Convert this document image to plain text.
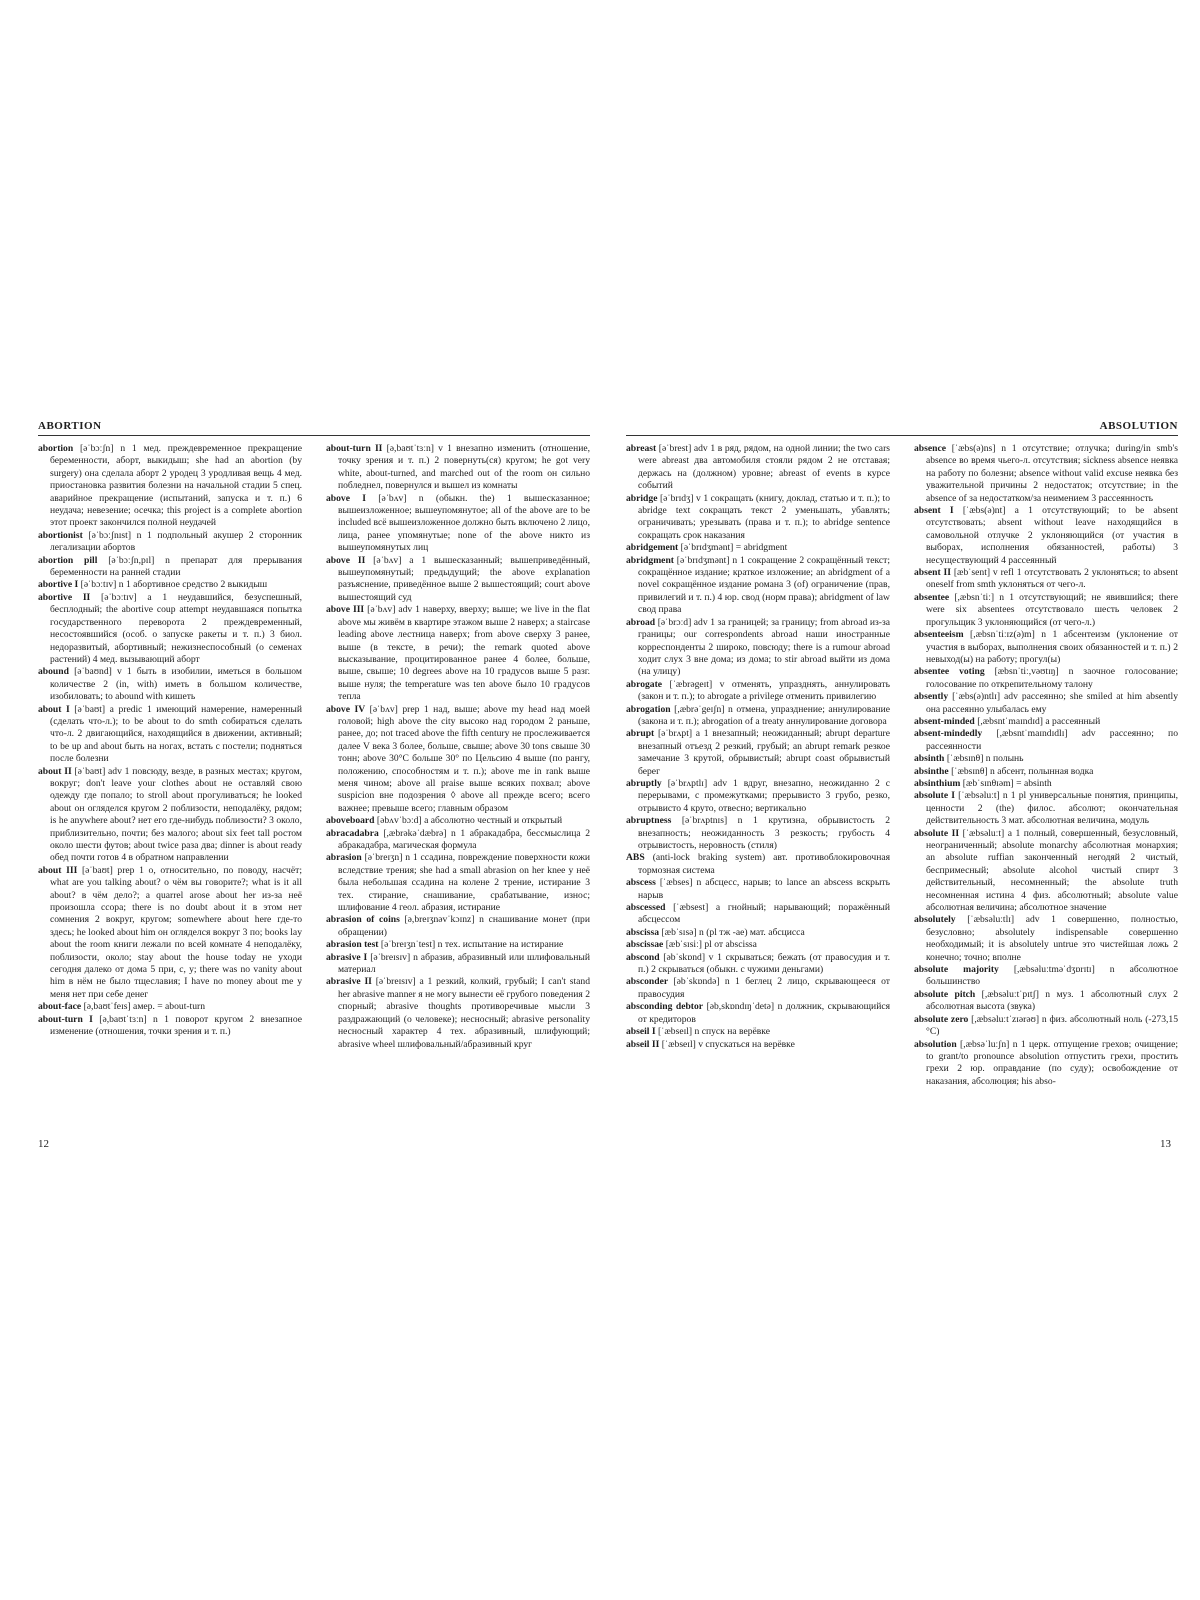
ABORTION

abortion [əˈbɔːʃn] n 1 мед. преждевременное прекращение беременности, аборт, выкидыш; she had an abortion (by surgery) она сделала аборт 2 уродец 3 уродливая вещь 4 мед. приостановка развития болезни на начальной стадии 5 спец. аварийное прекращение (испытаний, запуска и т. п.) 6 неудача; невезение; осечка; this project is a complete abortion этот проект закончился полной неудачей

abortionist [əˈbɔːʃnɪst] n 1 подпольный акушер 2 сторонник легализации абортов

abortion pill [əˈbɔːʃn,pɪl] n препарат для прерывания беременности на ранней стадии

abortive I [əˈbɔːtɪv] n 1 абортивное средство 2 выкидыш

abortive II [əˈbɔːtɪv] a 1 неудавшийся, безуспешный, бесплодный; the abortive coup attempt неудавшаяся попытка государственного переворота 2 преждевременный, несостоявшийся (особ. о запуске ракеты и т. п.) 3 биол. недоразвитый, абортивный; нежизнеспособный (о семенах растений) 4 мед. вызывающий аборт

abound [əˈbaʊnd] v 1 быть в изобилии, иметься в большом количестве 2 (in, with) иметь в большом количестве, изобиловать; to abound with кишеть

about I [əˈbaʊt] a predic 1 имеющий намерение, намеренный (сделать что-л.); to be about to do smth собираться сделать что-л. 2 двигающийся, находящийся в движении, активный; to be up and about быть на ногах, встать с постели; подняться после болезни

about II [əˈbaʊt] adv 1 повсюду, везде, в разных местах; кругом, вокруг; don't leave your clothes about не оставляй свою одежду где попало; to stroll about прогуливаться; he looked about он огляделся кругом 2 поблизости, неподалёку, рядом; is he anywhere about? нет его где-нибудь поблизости? 3 около, приблизительно, почти; без малого; about six feet tall ростом около шести футов; about twice раза два; dinner is about ready обед почти готов 4 в обратном направлении

about III [əˈbaʊt] prep 1 о, относительно, по поводу, насчёт; what are you talking about? о чём вы говорите?; what is it all about? в чём дело?; a quarrel arose about her из-за неё произошла ссора; there is no doubt about it в этом нет сомнения 2 вокруг, кругом; somewhere about here где-то здесь; he looked about him он огляделся вокруг 3 по; books lay about the room книги лежали по всей комнате 4 неподалёку, поблизости, около; stay about the house today не уходи сегодня далеко от дома 5 при, с, у; there was no vanity about him в нём не было тщеславия; I have no money about me у меня нет при себе денег

about-face [ə,baʊtˈfeɪs] амер. = about-turn

about-turn I [ə,baʊtˈtɜːn] n 1 поворот кругом 2 внезапное изменение (отношения, точки зрения и т. п.)

about-turn II [ə,baʊtˈtɜːn] v 1 внезапно изменить (отношение, точку зрения и т. п.) 2 повернуть(ся) кругом; he got very white, about-turned, and marched out of the room он сильно побледнел, повернулся и вышел из комнаты

above I [əˈbʌv] n (обыкн. the) 1 вышесказанное; вышеизложенное; вышеупомянутое; all of the above are to be included всё вышеизложенное должно быть включено 2 лицо, лица, ранее упомянутые; none of the above никто из вышеупомянутых лиц

above II [əˈbʌv] a 1 вышесказанный; вышеприведённый, вышеупомянутый; предыдущий; the above explanation разъяснение, приведённое выше 2 вышестоящий; court above вышестоящий суд

above III [əˈbʌv] adv 1 наверху, вверху; выше; we live in the flat above мы живём в квартире этажом выше 2 наверх; a staircase leading above лестница наверх; from above сверху 3 ранее, выше (в тексте, в речи); the remark quoted above высказывание, процитированное ранее 4 более, больше, выше, свыше; 10 degrees above на 10 градусов выше 5 разг. выше нуля; the temperature was ten above было 10 градусов тепла

above IV [əˈbʌv] prep 1 над, выше; above my head над моей головой; high above the city высоко над городом 2 раньше, ранее, до; not traced above the fifth century не прослеживается далее V века 3 более, больше, свыше; above 30 tons свыше 30 тонн; above 30°C больше 30° по Цельсию 4 выше (по рангу, положению, способностям и т. п.); above me in rank выше меня чином; above all praise выше всяких похвал; above suspicion вне подозрения ◊ above all прежде всего; всего важнее; превыше всего; главным образом

aboveboard [əbʌvˈbɔːd] a абсолютно честный и открытый

abracadabra [,æbrəkəˈdæbrə] n 1 абракадабра, бессмыслица 2 абракадабра, магическая формула

abrasion [əˈbreɪʒn] n 1 ссадина, повреждение поверхности кожи вследствие трения; she had a small abrasion on her knee у неё была небольшая ссадина на колене 2 трение, истирание 3 тех. стирание, снашивание, срабатывание, износ; шлифование 4 геол. абразия, истирание

abrasion of coins [ə,breɪʒnəvˈkɔɪnz] n снашивание монет (при обращении)

abrasion test [əˈbreɪʒnˈtest] n тех. испытание на истирание

abrasive I [əˈbreɪsɪv] n абразив, абразивный или шлифовальный материал

abrasive II [əˈbreɪsɪv] a 1 резкий, колкий, грубый; I can't stand her abrasive manner я не могу вынести её грубого поведения 2 спорный; abrasive thoughts противоречивые мысли 3 раздражающий (о человеке); несносный; abrasive personality несносный характер 4 тех. абразивный, шлифующий; abrasive wheel шлифовальный/абразивный круг

12
ABSOLUTION

abreast [əˈbrest] adv 1 в ряд, рядом, на одной линии; the two cars were abreast два автомобиля стояли рядом 2 не отставая; держась на (должном) уровне; abreast of events в курсе событий

abridge [əˈbrɪdʒ] v 1 сокращать (книгу, доклад, статью и т. п.); to abridge text сокращать текст 2 уменьшать, убавлять; ограничивать; урезывать (права и т. п.); to abridge sentence сокращать срок наказания

abridgement [əˈbrɪdʒmənt] = abridgment

abridgment [əˈbrɪdʒmənt] n 1 сокращение 2 сокращённый текст; сокращённое издание; краткое изложение; an abridgment of a novel сокращённое издание романа 3 (of) ограничение (прав, привилегий и т. п.) 4 юр. свод (норм права); abridgment of law свод права

abroad [əˈbrɔːd] adv 1 за границей; за границу; from abroad из-за границы; our correspondents abroad наши иностранные корреспонденты 2 широко, повсюду; there is a rumour abroad ходит слух 3 вне дома; из дома; to stir abroad выйти из дома (на улицу)

abrogate [ˈæbrəgeɪt] v отменять, упразднять, аннулировать (закон и т. п.); to abrogate a privilege отменить привилегию

abrogation [,æbrəˈgeɪʃn] n отмена, упразднение; аннулирование (закона и т. п.); abrogation of a treaty аннулирование договора

abrupt [əˈbrʌpt] a 1 внезапный; неожиданный; abrupt departure внезапный отъезд 2 резкий, грубый; an abrupt remark резкое замечание 3 крутой, обрывистый; abrupt coast обрывистый берег

abruptly [əˈbrʌptlɪ] adv 1 вдруг, внезапно, неожиданно 2 с перерывами, с промежутками; прерывисто 3 грубо, резко, отрывисто 4 круто, отвесно; вертикально

abruptness [əˈbrʌptnɪs] n 1 крутизна, обрывистость 2 внезапность; неожиданность 3 резкость; грубость 4 отрывистость, неровность (стиля)

ABS (anti-lock braking system) авт. противоблокировочная тормозная система

abscess [ˈæbses] n абсцесс, нарыв; to lance an abscess вскрыть нарыв

abscessed [ˈæbsest] a гнойный; нарывающий; поражённый абсцессом

abscissa [æbˈsɪsə] n (pl тж -ae) мат. абсцисса

abscissae [æbˈsɪsiː] pl от abscissa

abscond [əbˈskɒnd] v 1 скрываться; бежать (от правосудия и т. п.) 2 скрываться (обыкн. с чужими деньгами)

absconder [əbˈskɒndə] n 1 беглец 2 лицо, скрывающееся от правосудия

absconding debtor [əb,skɒndɪŋˈdetə] n должник, скрывающийся от кредиторов

abseil I [ˈæbseɪl] n спуск на верёвке

abseil II [ˈæbseɪl] v спускаться на верёвке

absence [ˈæbs(ə)ns] n 1 отсутствие; отлучка; during/in smb's absence во время чьего-л. отсутствия; sickness absence неявка на работу по болезни; absence without valid excuse неявка без уважительной причины 2 недостаток; отсутствие; in the absence of за недостатком/за неимением 3 рассеянность

absent I [ˈæbs(ə)nt] a 1 отсутствующий; to be absent отсутствовать; absent without leave находящийся в самовольной отлучке 2 уклоняющийся (от участия в выборах, исполнения обязанностей, работы) 3 несуществующий 4 рассеянный

absent II [æbˈsent] v refl 1 отсутствовать 2 уклоняться; to absent oneself from smth уклоняться от чего-л.

absentee [,æbsnˈtiː] n 1 отсутствующий; не явившийся; there were six absentees отсутствовало шесть человек 2 прогульщик 3 уклоняющийся (от чего-л.)

absenteeism [,æbsnˈtiːɪz(ə)m] n 1 абсентеизм (уклонение от участия в выборах, выполнения своих обязанностей и т. п.) 2 невыход(ы) на работу; прогул(ы)

absentee voting [æbsnˈtiː,vəʊtɪŋ] n заочное голосование; голосование по открепительному талону

absently [ˈæbs(ə)ntlɪ] adv рассеянно; she smiled at him absently она рассеянно улыбалась ему

absent-minded [,æbsntˈmaɪndɪd] a рассеянный

absent-mindedly [,æbsntˈmaɪndɪdlɪ] adv рассеянно; по рассеянности

absinth [ˈæbsɪnθ] n полынь

absinthe [ˈæbsɪnθ] n абсент, полынная водка

absinthium [æbˈsɪnθɪəm] = absinth

absolute I [ˈæbsəluːt] n 1 pl универсальные понятия, принципы, ценности 2 (the) филос. абсолют; окончательная действительность 3 мат. абсолютная величина, модуль

absolute II [ˈæbsəluːt] a 1 полный, совершенный, безусловный, неограниченный; absolute monarchy абсолютная монархия; an absolute ruffian законченный негодяй 2 чистый, беспримесный; absolute alcohol чистый спирт 3 действительный, несомненный; the absolute truth несомненная истина 4 физ. абсолютный; absolute value абсолютная величина; абсолютное значение

absolutely [ˈæbsəluːtlɪ] adv 1 совершенно, полностью, безусловно; absolutely indispensable совершенно необходимый; it is absolutely untrue это чистейшая ложь 2 конечно; точно; вполне

absolute majority [,æbsəluːtməˈdʒɒrɪtɪ] n абсолютное большинство

absolute pitch [,æbsəluːtˈpɪtʃ] n муз. 1 абсолютный слух 2 абсолютная высота (звука)

absolute zero [,æbsəluːtˈzɪərəʊ] n физ. абсолютный ноль (-273,15 °C)

absolution [,æbsəˈluːʃn] n 1 церк. отпущение грехов; очищение; to grant/to pronounce absolution отпустить грехи, простить грехи 2 юр. оправдание (по суду); освобождение от наказания, абсолюция; his abso-

13
